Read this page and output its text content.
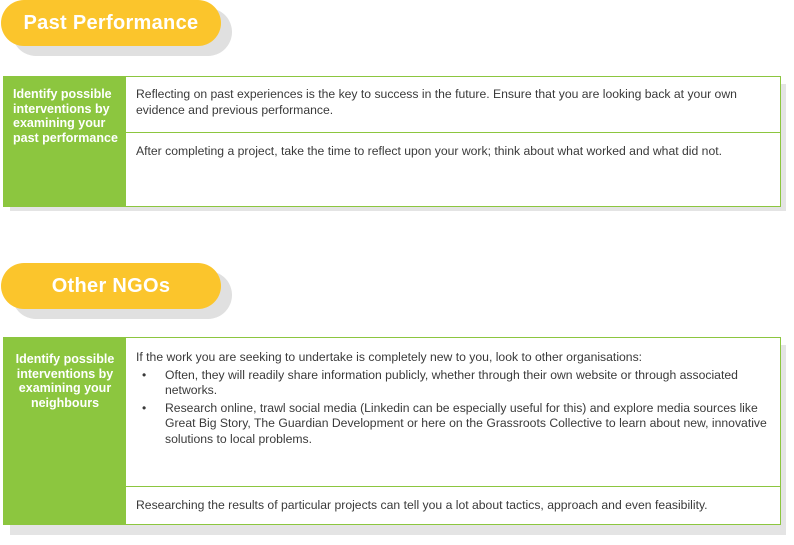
Past Performance
Identify possible interventions by examining your past performance
Reflecting on past experiences is the key to success in the future. Ensure that you are looking back at your own evidence and previous performance.
After completing a project, take the time to reflect upon your work; think about what worked and what did not.
Other NGOs
Identify possible interventions by examining your neighbours
If the work you are seeking to undertake is completely new to you, look to other organisations:
• Often, they will readily share information publicly, whether through their own website or through associated networks.
• Research online, trawl social media (Linkedin can be especially useful for this) and explore media sources like Great Big Story, The Guardian Development or here on the Grassroots Collective to learn about new, innovative solutions to local problems.
Researching the results of particular projects can tell you a lot about tactics, approach and even feasibility.
